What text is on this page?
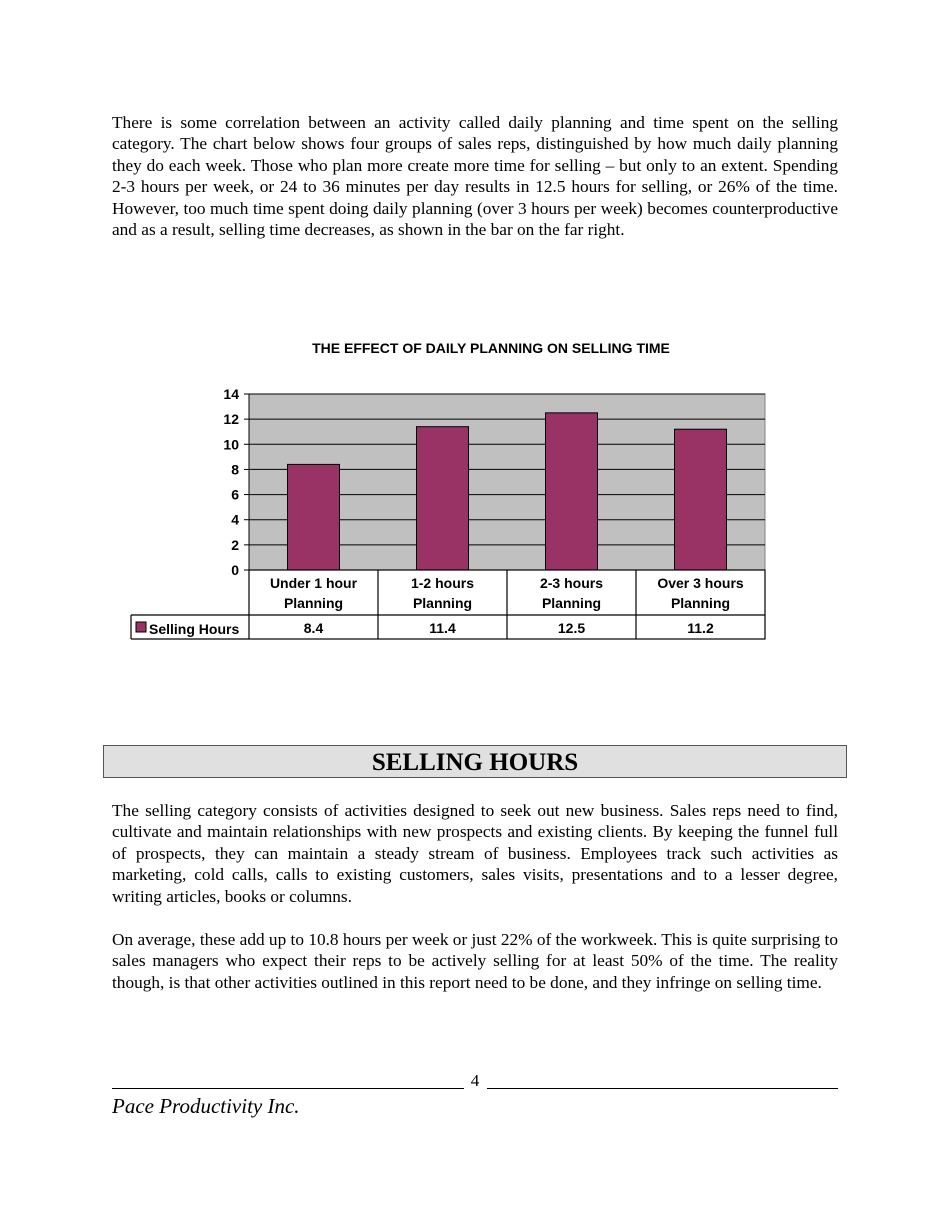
There is some correlation between an activity called daily planning and time spent on the selling category. The chart below shows four groups of sales reps, distinguished by how much daily planning they do each week. Those who plan more create more time for selling – but only to an extent. Spending 2-3 hours per week, or 24 to 36 minutes per day results in 12.5 hours for selling, or 26% of the time. However, too much time spent doing daily planning (over 3 hours per week) becomes counterproductive and as a result, selling time decreases, as shown in the bar on the far right.

THE EFFECT OF DAILY PLANNING ON SELLING TIME
0
2
4
6
8
10
12
14
Under 1 hour
Planning
8.4
1-2 hours
Planning
11.4
2-3 hours
Planning
12.5
Over 3 hours
Planning
11.2
Selling Hours
SELLING HOURS

The selling category consists of activities designed to seek out new business. Sales reps need to find, cultivate and maintain relationships with new prospects and existing clients. By keeping the funnel full of prospects, they can maintain a steady stream of business. Employees track such activities as marketing, cold calls, calls to existing customers, sales visits, presentations and to a lesser degree, writing articles, books or columns.

On average, these add up to 10.8 hours per week or just 22% of the workweek. This is quite surprising to sales managers who expect their reps to be actively selling for at least 50% of the time. The reality though, is that other activities outlined in this report need to be done, and they infringe on selling time.

4
Pace Productivity Inc.
